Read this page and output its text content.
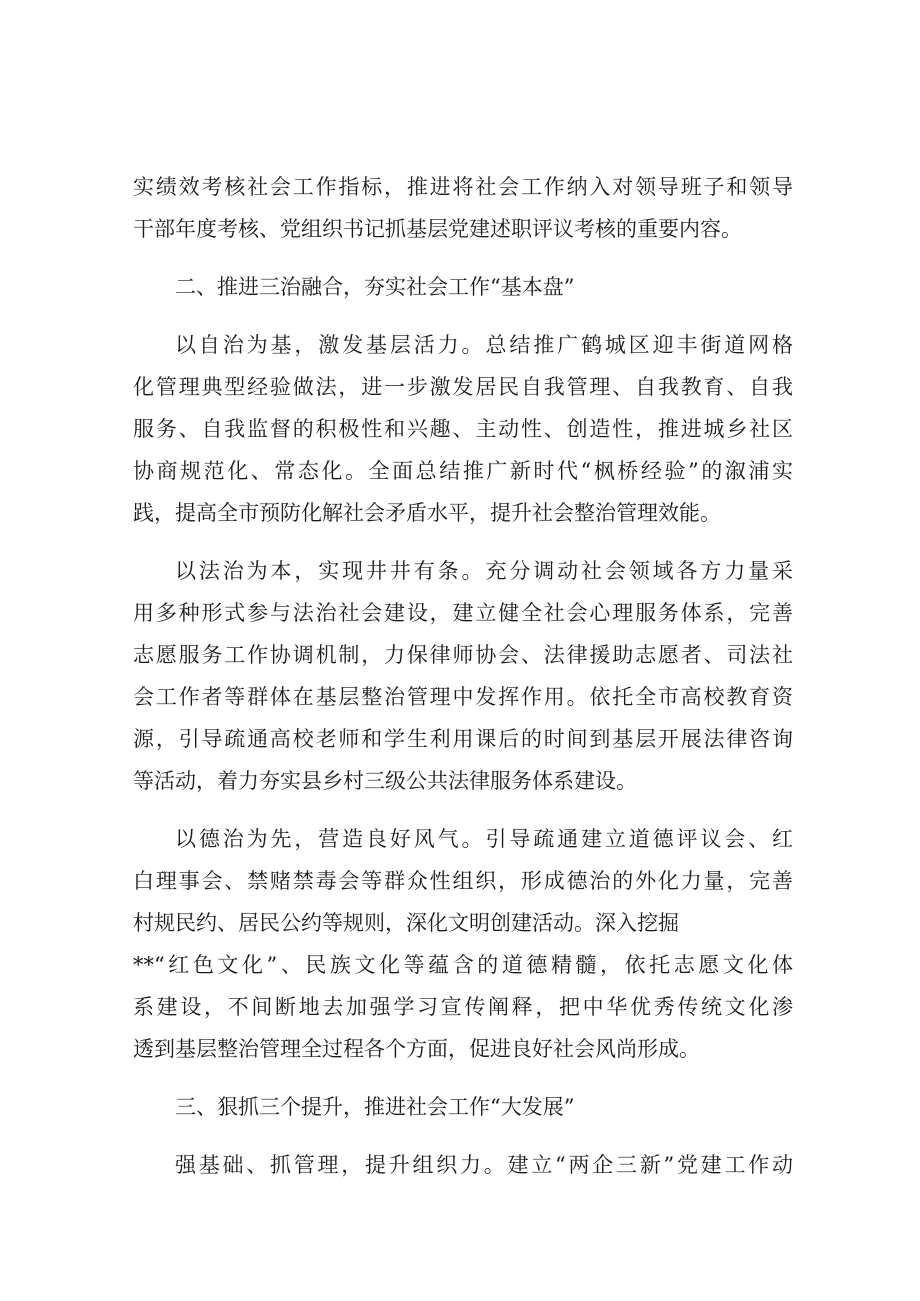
实绩效考核社会工作指标，推进将社会工作纳入对领导班子和领导
干部年度考核、党组织书记抓基层党建述职评议考核的重要内容。
二、推进三治融合，夯实社会工作“基本盘”
以自治为基，激发基层活力。总结推广鹤城区迎丰街道网格
化管理典型经验做法，进一步激发居民自我管理、自我教育、自我
服务、自我监督的积极性和兴趣、主动性、创造性，推进城乡社区
协商规范化、常态化。全面总结推广新时代“枫桥经验”的溆浦实
践，提高全市预防化解社会矛盾水平，提升社会整治管理效能。
以法治为本，实现井井有条。充分调动社会领域各方力量采
用多种形式参与法治社会建设，建立健全社会心理服务体系，完善
志愿服务工作协调机制，力保律师协会、法律援助志愿者、司法社
会工作者等群体在基层整治管理中发挥作用。依托全市高校教育资
源，引导疏通高校老师和学生利用课后的时间到基层开展法律咨询
等活动，着力夯实县乡村三级公共法律服务体系建设。
以德治为先，营造良好风气。引导疏通建立道德评议会、红
白理事会、禁赌禁毒会等群众性组织，形成德治的外化力量，完善
村规民约、居民公约等规则，深化文明创建活动。深入挖掘
**“红色文化”、民族文化等蕴含的道德精髓，依托志愿文化体
系建设，不间断地去加强学习宣传阐释，把中华优秀传统文化渗
透到基层整治管理全过程各个方面，促进良好社会风尚形成。
三、狠抓三个提升，推进社会工作“大发展”
强基础、抓管理，提升组织力。建立“两企三新”党建工作动
